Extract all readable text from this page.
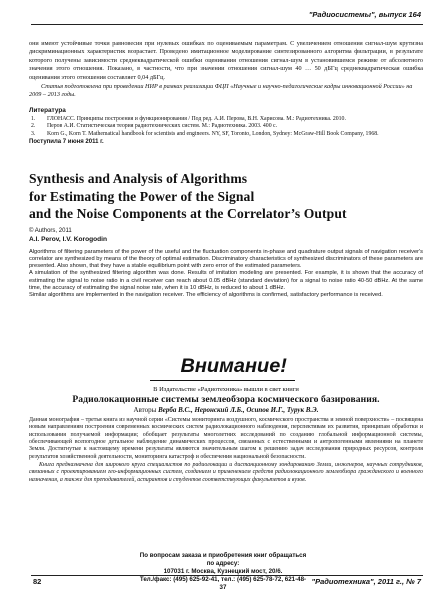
"Радиосистемы", выпуск 164

они имеют устойчивые точки равновесия при нулевых ошибках по оцениваемым параметрам. С увеличением отношения сигнал-шум крутизна дискриминационных характеристик возрастает. Проведено имитационное моделирование синтезированного алгоритма фильтрации, в результате которого получены зависимости среднеквадратической ошибки оценивания отношения сигнал-шум в установившемся режиме от абсолютного значения этого отношения. Показано, в частности, что при значении отношения сигнал-шум 40 … 50 дБГц среднеквадратическая ошибка оценивания этого отношения составляет 0,04 дБГц.

Статья подготовлена при проведении НИР в рамках реализации ФЦП «Научные и научно-педагогические кадры инновационной России» на 2009 – 2013 годы.

Литература
1. ГЛОНАСС. Принципы построения и функционирования / Под ред. А.И. Перова, В.Н. Харисова. М.: Радиотехника. 2010.
2. Перов А.И. Статистическая теория радиотехнических систем. М.: Радиотехника. 2003. 400 с.
3. Korn G., Korn T. Mathematical handbook for scientists and engineers. NY, SF, Toronto, London, Sydney: McGraw-Hill Book Company, 1968.
Поступила 7 июня 2011 г.
Synthesis and Analysis of Algorithms
for Estimating the Power of the Signal
and the Noise Components at the Correlator’s Output
© Authors, 2011
A.I. Perov, I.V. Korogodin

Algorithms of filtering parameters of the power of the useful and the fluctuation components in-phase and quadrature output signals of navigation receiver's correlator are synthesized by means of the theory of optimal estimation. Discriminatory characteristics of synthesized discriminators of these parameters are presented. Also shown, that they have a stable equilibrium point with zero error of the estimated parameters.

A simulation of the synthesized filtering algorithm was done. Results of imitation modeling are presented. For example, it is shown that the accuracy of estimating the signal to noise ratio in a civil receiver can reach about 0.05 dBHz (standard deviation) for a signal to noise ratio 40-50 dBHz. At the same time, the accuracy of estimating the signal noise rate, when it is 10 dBHz, is reduced to about 1 dBHz.

Similar algorithms are implemented in the navigation receiver. The efficiency of algorithms is confirmed, satisfactory performance is received.

Внимание!
В Издательстве «Радиотехника» вышли в свет книги
Радиолокационные системы землеобзора космического базирования.
Авторы Верба В.С., Неронский Л.Б., Осипов И.Г., Турук В.Э.

Данная монография – третья книга из научной серии «Системы мониторинга воздушного, космического пространства и земной поверхности» – посвящена новым направлениям построения современных космических систем радиолокационного наблюдения, перспективам их развития, принципам обработки и использования получаемой информации; обобщает результаты многолетних исследований по созданию глобальной информационной системы, обеспечивающей всепогодное детальное наблюдение динамических процессов, связанных с естественными и антропогенными явлениями на планете Земля. Достигнутые к настоящему времени результаты являются значительным шагом к решению задач исследования природных ресурсов, контроля результатов хозяйственной деятельности, мониторинга катастроф и обеспечения национальной безопасности.

Книга предназначена для широкого круга специалистов по радиолокации и дистанционному зондированию Земли, инженеров, научных сотрудников, связанных с проектированием гео-информационных систем, созданием и применением средств радиолокационного землеобзора гражданского и военного назначения, а также для преподавателей, аспирантов и студентов соответствующих факультетов и вузов.

По вопросам заказа и приобретения книг обращаться по адресу:
107031 г. Москва, Кузнецкий мост, 20/6.
Тел./факс: (495) 625-92-41, тел.: (495) 625-78-72, 621-48-37
82	"Радиотехника", 2011 г., № 7
